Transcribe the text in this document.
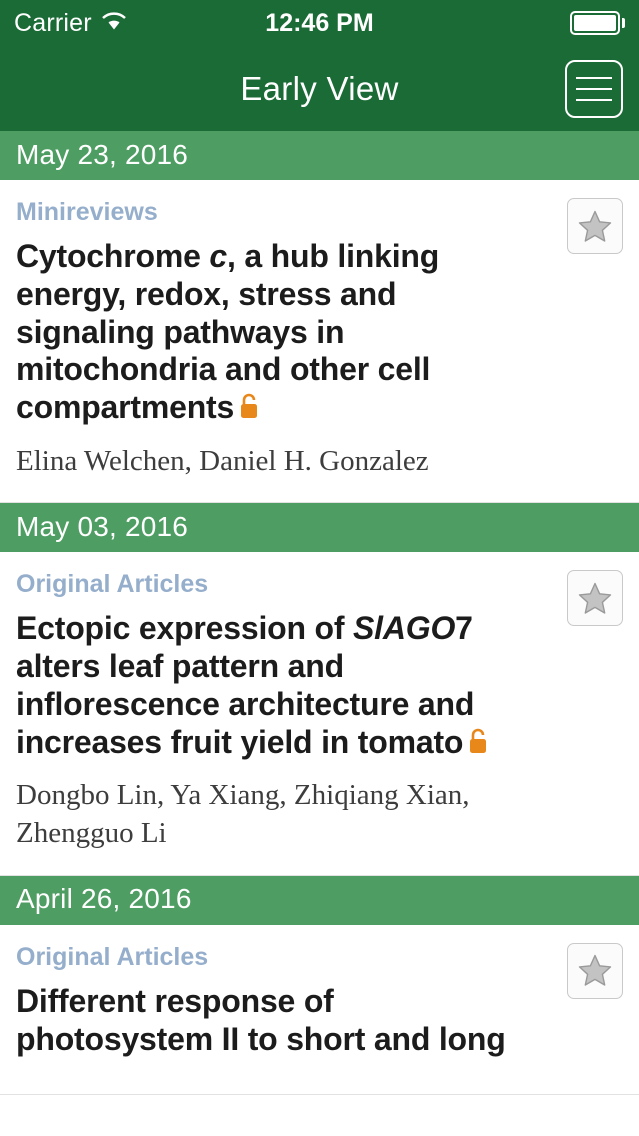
Carrier	12:46 PM
Early View
May 23, 2016
Minireviews
Cytochrome c, a hub linking energy, redox, stress and signaling pathways in mitochondria and other cell compartments
Elina Welchen, Daniel H. Gonzalez
May 03, 2016
Original Articles
Ectopic expression of SlAGO7 alters leaf pattern and inflorescence architecture and increases fruit yield in tomato
Dongbo Lin, Ya Xiang, Zhiqiang Xian, Zhengguo Li
April 26, 2016
Original Articles
Different response of photosystem II to short and long
